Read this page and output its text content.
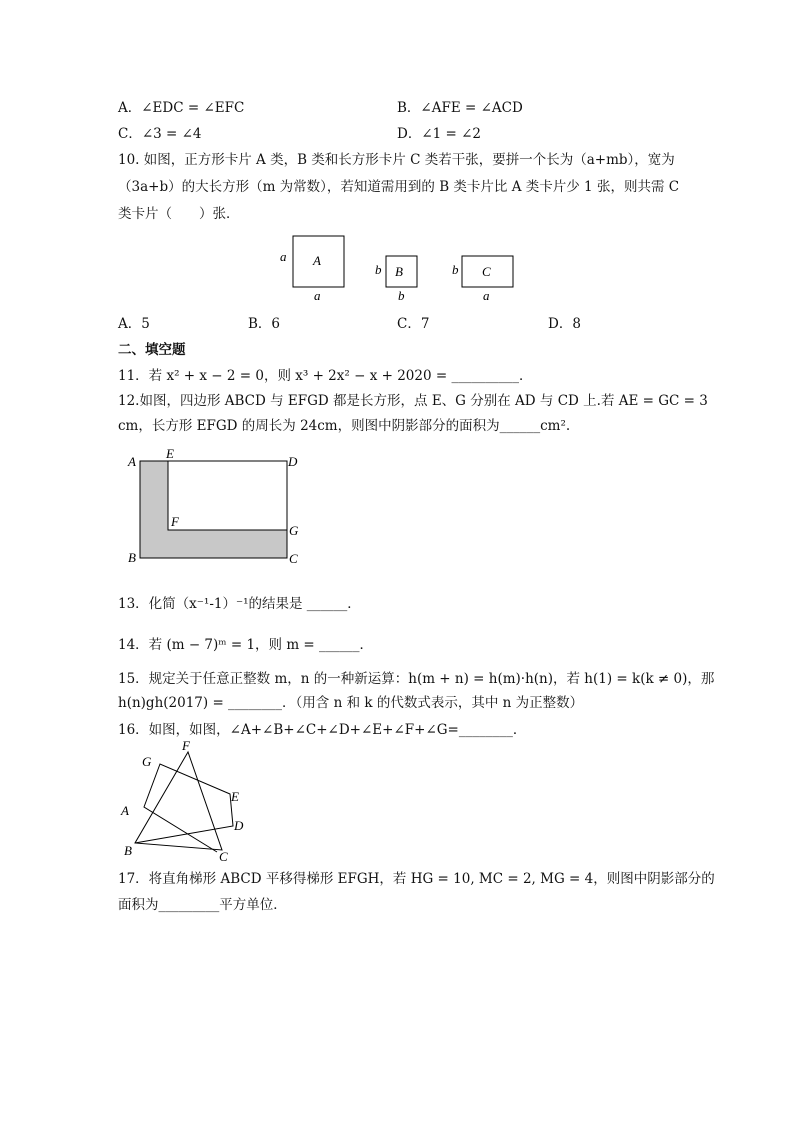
A．∠EDC = ∠EFC	B．∠AFE = ∠ACD
C．∠3 = ∠4	D．∠1 = ∠2
10. 如图，正方形卡片 A 类，B 类和长方形卡片 C 类若干张，要拼一个长为（a+mb），宽为
（3a+b）的大长方形（m 为常数），若知道需用到的 B 类卡片比 A 类卡片少 1 张，则共需 C
类卡片（　　）张．
a A
a
b B
b
b C
a
A．5	B．6	C．7	D．8
二、填空题
11．若 x² + x − 2 = 0，则 x³ + 2x² − x + 2020 = __________．
12.如图，四边形 ABCD 与 EFGD 都是长方形，点 E、G 分别在 AD 与 CD 上.若 AE = GC = 3
cm，长方形 EFGD 的周长为 24cm，则图中阴影部分的面积为______cm².
A
E
D
F
G
B	C
13．化简（x⁻¹-1）⁻¹的结果是 ______．
14．若 (m − 7)ᵐ = 1，则 m = ______．
15．规定关于任意正整数 m，n 的一种新运算：h(m + n) = h(m)·h(n)，若 h(1) = k(k ≠ 0)，那
h(n)gh(2017) = ________．（用含 n 和 k 的代数式表示，其中 n 为正整数）
16．如图，如图，∠A+∠B+∠C+∠D+∠E+∠F+∠G=________．
F
G
E
A
D
B	C
17．将直角梯形 ABCD 平移得梯形 EFGH，若 HG = 10, MC = 2, MG = 4，则图中阴影部分的
面积为_________平方单位．
